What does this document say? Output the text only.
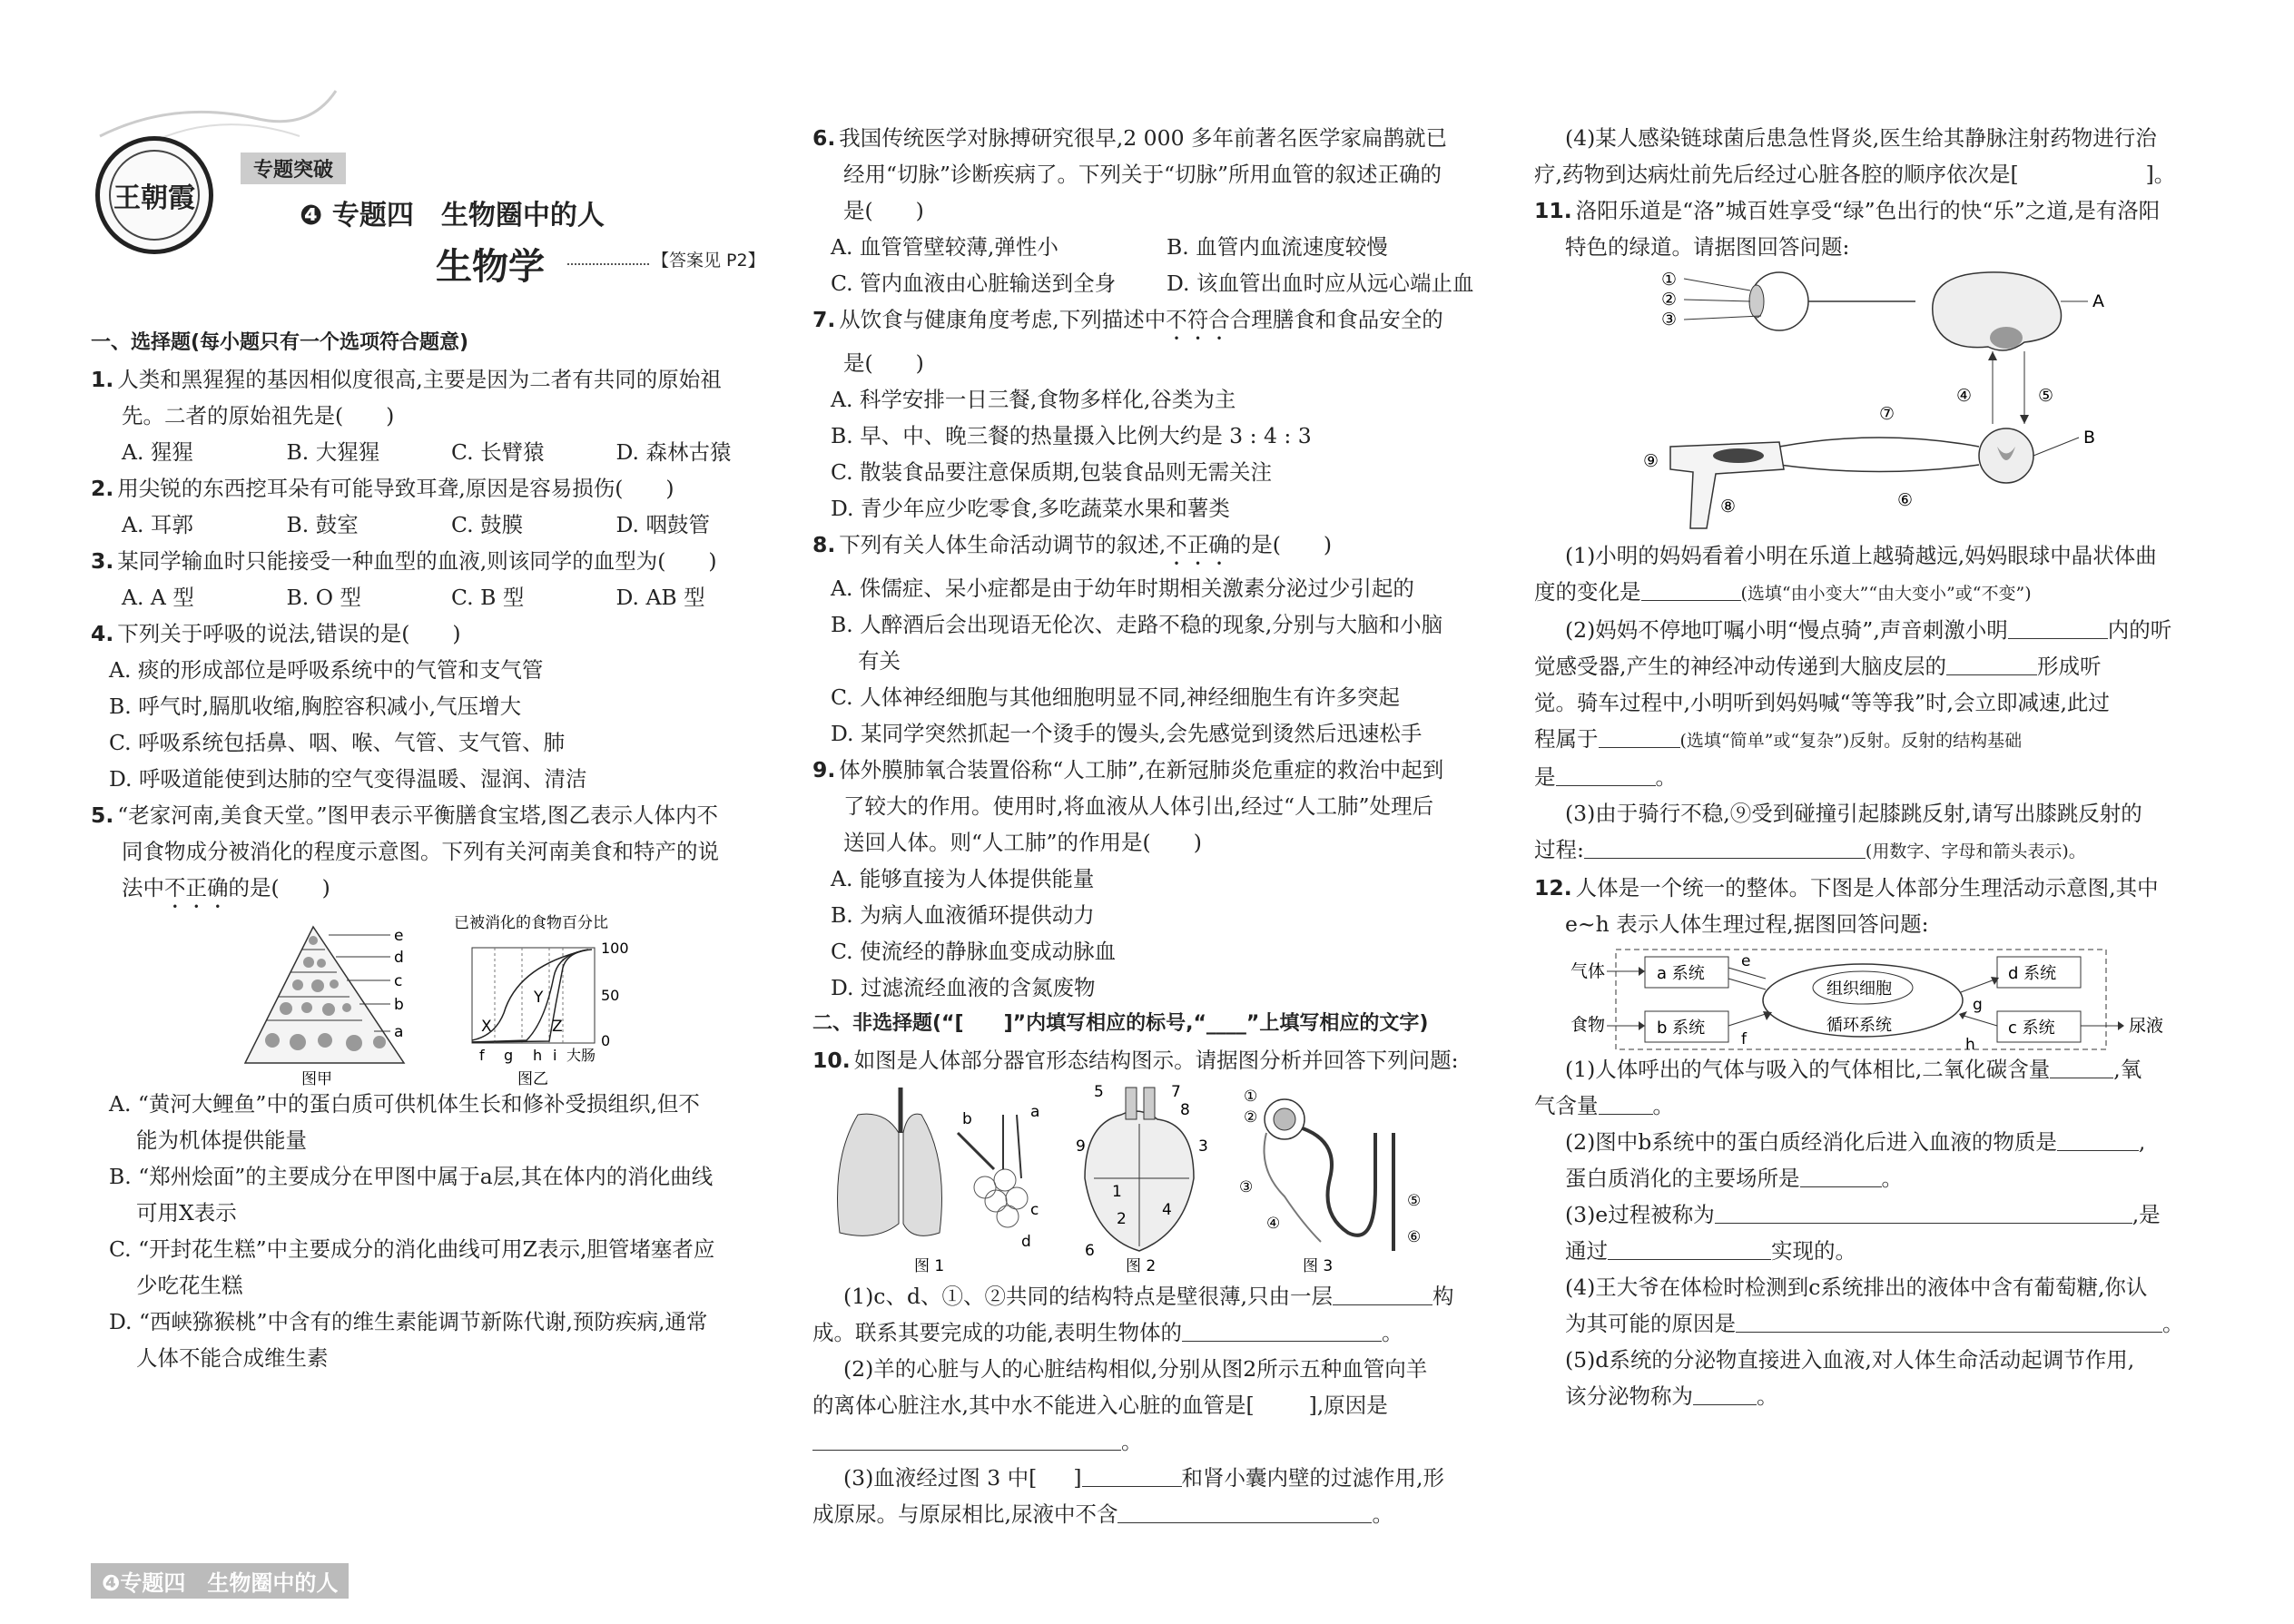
王朝霞
专题突破
❹ 专题四　生物圈中的人
生物学	【答案见 P2】
一、选择题(每小题只有一个选项符合题意)
1. 人类和黑猩猩的基因相似度很高,主要是因为二者有共同的原始祖
先。二者的原始祖先是(　　)
A. 猩猩	B. 大猩猩	C. 长臂猿	D. 森林古猿
2. 用尖锐的东西挖耳朵有可能导致耳聋,原因是容易损伤(　　)
A. 耳郭	B. 鼓室	C. 鼓膜	D. 咽鼓管
3. 某同学输血时只能接受一种血型的血液,则该同学的血型为(　　)
A. A 型	B. O 型	C. B 型	D. AB 型
4. 下列关于呼吸的说法,错误的是(　　)
A. 痰的形成部位是呼吸系统中的气管和支气管
B. 呼气时,膈肌收缩,胸腔容积减小,气压增大
C. 呼吸系统包括鼻、咽、喉、气管、支气管、肺
D. 呼吸道能使到达肺的空气变得温暖、湿润、清洁
5. “老家河南,美食天堂。”图甲表示平衡膳食宝塔,图乙表示人体内不
同食物成分被消化的程度示意图。下列有关河南美食和特产的说
法中不正确的是(　　)
e
d
c
b
a
图甲
已被消化的食物百分比
X
Y
Z
100
50
0
f g h i 大肠
图乙
A. “黄河大鲤鱼”中的蛋白质可供机体生长和修补受损组织,但不
能为机体提供能量
B. “郑州烩面”的主要成分在甲图中属于a层,其在体内的消化曲线
可用X表示
C. “开封花生糕”中主要成分的消化曲线可用Z表示,胆管堵塞者应
少吃花生糕
D. “西峡猕猴桃”中含有的维生素能调节新陈代谢,预防疾病,通常
人体不能合成维生素
6. 我国传统医学对脉搏研究很早,2 000 多年前著名医学家扁鹊就已
经用“切脉”诊断疾病了。下列关于“切脉”所用血管的叙述正确的
是(　　)
A. 血管管壁较薄,弹性小	B. 血管内血流速度较慢
C. 管内血液由心脏输送到全身	D. 该血管出血时应从远心端止血
7. 从饮食与健康角度考虑,下列描述中不符合合理膳食和食品安全的
是(　　)
A. 科学安排一日三餐,食物多样化,谷类为主
B. 早、中、晚三餐的热量摄入比例大约是 3 : 4 : 3
C. 散装食品要注意保质期,包装食品则无需关注
D. 青少年应少吃零食,多吃蔬菜水果和薯类
8. 下列有关人体生命活动调节的叙述,不正确的是(　　)
A. 侏儒症、呆小症都是由于幼年时期相关激素分泌过少引起的
B. 人醉酒后会出现语无伦次、走路不稳的现象,分别与大脑和小脑
有关
C. 人体神经细胞与其他细胞明显不同,神经细胞生有许多突起
D. 某同学突然抓起一个烫手的馒头,会先感觉到烫然后迅速松手
9. 体外膜肺氧合装置俗称“人工肺”,在新冠肺炎危重症的救治中起到
了较大的作用。使用时,将血液从人体引出,经过“人工肺”处理后
送回人体。则“人工肺”的作用是(　　)
A. 能够直接为人体提供能量
B. 为病人血液循环提供动力
C. 使流经的静脉血变成动脉血
D. 过滤流经血液的含氮废物
二、非选择题(“[　　]”内填写相应的标号,“____”上填写相应的文字)
10. 如图是人体部分器官形态结构图示。请据图分析并回答下列问题:
a
b
c
d
图 1
5	7
8
9	3
1
2 4
6
图 2
①
②
③
④
⑤
⑥
图 3
(1)c、d、①、②共同的结构特点是壁很薄,只由一层	构
成。联系其要完成的功能,表明生物体的	。
(2)羊的心脏与人的心脏结构相似,分别从图2所示五种血管向羊
的离体心脏注水,其中水不能进入心脏的血管是[	],原因是
。
(3)血液经过图 3 中[ ]	和肾小囊内壁的过滤作用,形
成原尿。与原尿相比,尿液中不含	。
(4)某人感染链球菌后患急性肾炎,医生给其静脉注射药物进行治
疗,药物到达病灶前先后经过心脏各腔的顺序依次是[	]。
11. 洛阳乐道是“洛”城百姓享受“绿”色出行的快“乐”之道,是有洛阳
特色的绿道。请据图回答问题:
①
②
③
A
④	⑤
B
⑦
⑥
⑨
⑧
(1)小明的妈妈看着小明在乐道上越骑越远,妈妈眼球中晶状体曲
度的变化是	(选填“由小变大”“由大变小”或“不变”)
(2)妈妈不停地叮嘱小明“慢点骑”,声音刺激小明	内的听
觉感受器,产生的神经冲动传递到大脑皮层的	形成听
觉。骑车过程中,小明听到妈妈喊“等等我”时,会立即减速,此过
程属于	(选填“简单”或“复杂”)反射。反射的结构基础
是	。
(3)由于骑行不稳,⑨受到碰撞引起膝跳反射,请写出膝跳反射的
过程:	(用数字、字母和箭头表示)。
12. 人体是一个统一的整体。下图是人体部分生理活动示意图,其中
e~h 表示人体生理过程,据图回答问题:
气体
食物
a 系统
b 系统
d 系统
c 系统
组织细胞
循环系统
e
f
g
h
尿液
(1)人体呼出的气体与吸入的气体相比,二氧化碳含量	,氧
气含量	。
(2)图中b系统中的蛋白质经消化后进入血液的物质是	,
蛋白质消化的主要场所是	。
(3)e过程被称为	,是
通过	实现的。
(4)王大爷在体检时检测到c系统排出的液体中含有葡萄糖,你认
为其可能的原因是	。
(5)d系统的分泌物直接进入血液,对人体生命活动起调节作用,
该分泌物称为	。
❹专题四　生物圈中的人
